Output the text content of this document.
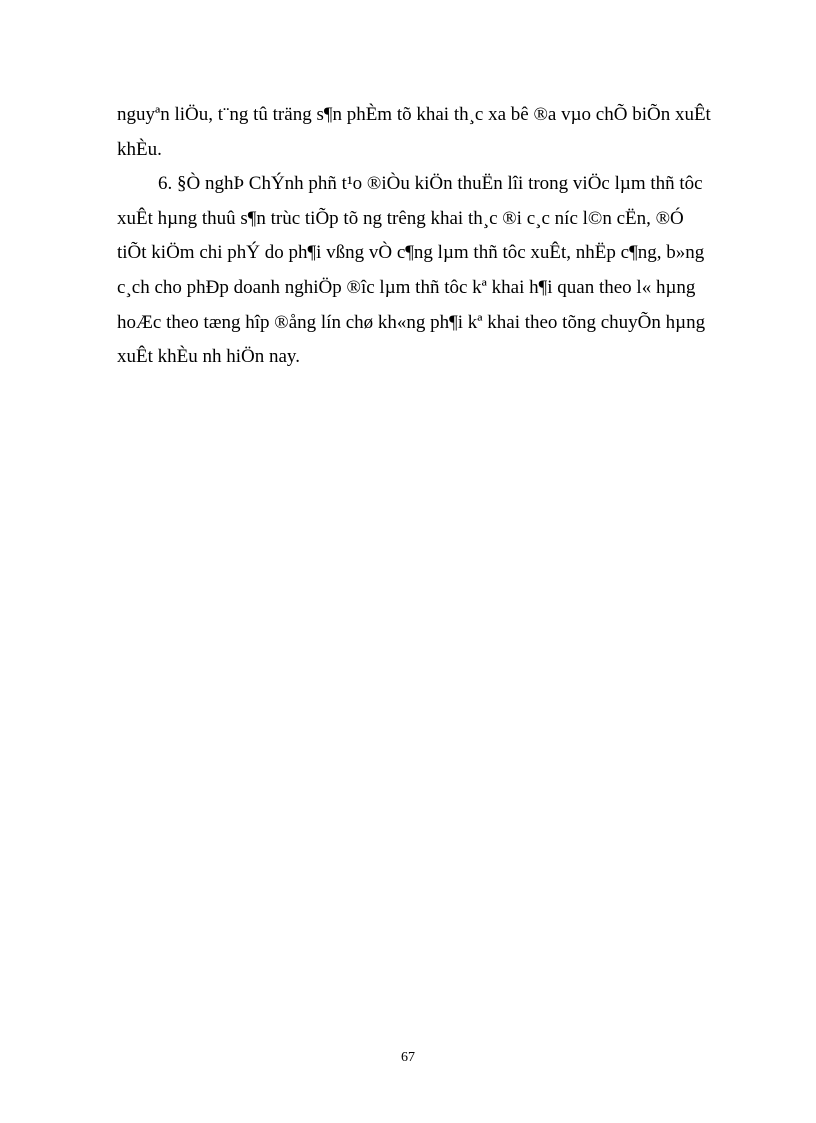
nguyªn liÖu, t¨ng tû träng s¶n phÈm tõ khai th¸c xa bê ®a vµo chÕ biÕn xuÊt
khÈu.
6. §Ò nghÞ ChÝnh phñ t¹o ®iÒu kiÖn thuËn lîi trong viÖc lµm thñ tôc
xuÊt hµng thuû s¶n trùc tiÕp tõ ng trêng khai th¸c ®i c¸c níc l©n cËn, ®Ó
tiÕt kiÖm chi phÝ do ph¶i vßng vÒ c¶ng lµm thñ tôc xuÊt, nhËp c¶ng, b»ng
c¸ch cho phÐp doanh nghiÖp ®îc lµm thñ tôc kª khai h¶i quan theo l« hµng
hoÆc theo tæng hîp ®ång lín chø kh«ng ph¶i kª khai theo tõng chuyÕn hµng
xuÊt khÈu nh hiÖn nay.
67
